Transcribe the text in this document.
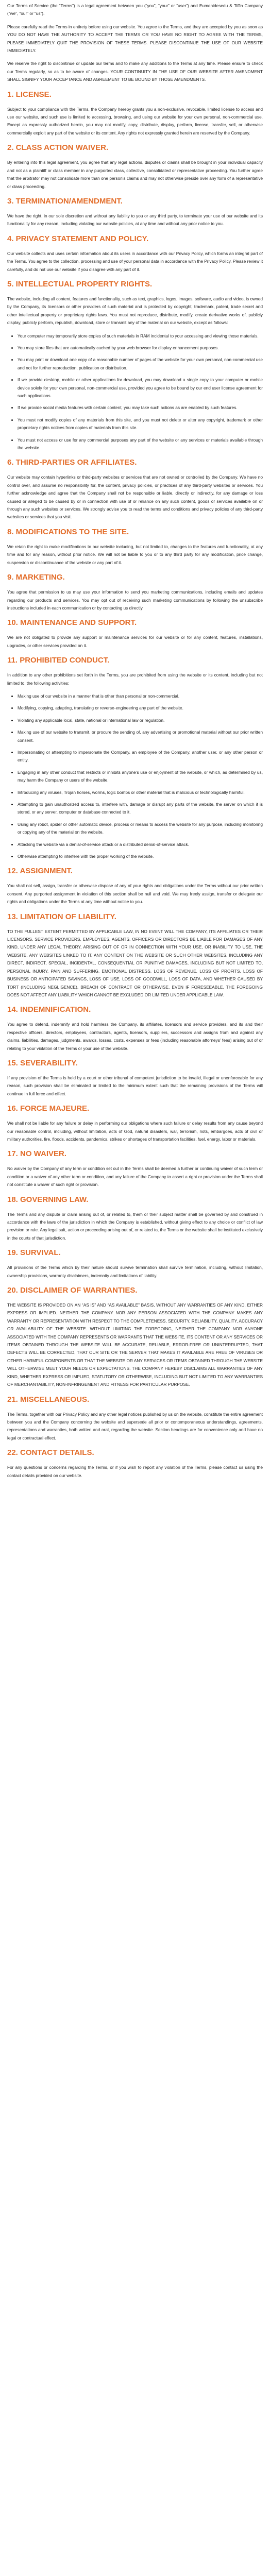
Our Terms of Service (the “Terms”) is a legal agreement between you (“you”, “your” or “user”) and Eumenidesedu & Tiffin Company (“we”, “our” or “us”).

Please carefully read the Terms in entirety before using our website. You agree to the Terms, and they are accepted by you as soon as YOU DO NOT HAVE THE AUTHORITY TO ACCEPT THE TERMS OR YOU HAVE NO RIGHT TO AGREE WITH THE TERMS, PLEASE IMMEDIATELY QUIT THE PROVISION OF THESE TERMS. PLEASE DISCONTINUE THE USE OF OUR WEBSITE IMMEDIATELY.

We reserve the right to discontinue or update our terms and to make any additions to the Terms at any time. Please ensure to check our Terms regularly, so as to be aware of changes. YOUR CONTINUITY IN THE USE OF OUR WEBSITE AFTER AMENDMENT SHALL SIGNIFY YOUR ACCEPTANCE AND AGREEMENT TO BE BOUND BY THOSE AMENDMENTS.

1. LICENSE.

Subject to your compliance with the Terms, the Company hereby grants you a non-exclusive, revocable, limited license to access and use our website, and such use is limited to accessing, browsing, and using our website for your own personal, non-commercial use. Except as expressly authorized herein, you may not modify, copy, distribute, display, perform, license, transfer, sell, or otherwise commercially exploit any part of the website or its content. Any rights not expressly granted herein are reserved by the Company.

2. CLASS ACTION WAIVER.

By entering into this legal agreement, you agree that any legal actions, disputes or claims shall be brought in your individual capacity and not as a plaintiff or class member in any purported class, collective, consolidated or representative proceeding. You further agree that the arbitrator may not consolidate more than one person’s claims and may not otherwise preside over any form of a representative or class proceeding.

3. TERMINATION/AMENDMENT.

We have the right, in our sole discretion and without any liability to you or any third party, to terminate your use of our website and its functionality for any reason, including violating our website policies, at any time and without any prior notice to you.

4. PRIVACY STATEMENT AND POLICY.

Our website collects and uses certain information about its users in accordance with our Privacy Policy, which forms an integral part of the Terms. You agree to the collection, processing and use of your personal data in accordance with the Privacy Policy. Please review it carefully, and do not use our website if you disagree with any part of it.

5. INTELLECTUAL PROPERTY RIGHTS.

The website, including all content, features and functionality, such as text, graphics, logos, images, software, audio and video, is owned by the Company, its licensors or other providers of such material and is protected by copyright, trademark, patent, trade secret and other intellectual property or proprietary rights laws. You must not reproduce, distribute, modify, create derivative works of, publicly display, publicly perform, republish, download, store or transmit any of the material on our website, except as follows:

• Your computer may temporarily store copies of such materials in RAM incidental to your accessing and viewing those materials.
• You may store files that are automatically cached by your web browser for display enhancement purposes.
• You may print or download one copy of a reasonable number of pages of the website for your own personal, non-commercial use and not for further reproduction, publication or distribution.
• If we provide desktop, mobile or other applications for download, you may download a single copy to your computer or mobile device solely for your own personal, non-commercial use, provided you agree to be bound by our end user license agreement for such applications.
• If we provide social media features with certain content, you may take such actions as are enabled by such features.
• You must not modify copies of any materials from this site, and you must not delete or alter any copyright, trademark or other proprietary rights notices from copies of materials from this site.
• You must not access or use for any commercial purposes any part of the website or any services or materials available through the website.
6. THIRD-PARTIES OR AFFILIATES.

Our website may contain hyperlinks or third-party websites or services that are not owned or controlled by the Company. We have no control over, and assume no responsibility for, the content, privacy policies, or practices of any third-party websites or services. You further acknowledge and agree that the Company shall not be responsible or liable, directly or indirectly, for any damage or loss caused or alleged to be caused by or in connection with use of or reliance on any such content, goods or services available on or through any such websites or services. We strongly advise you to read the terms and conditions and privacy policies of any third-party websites or services that you visit.

8. MODIFICATIONS TO THE SITE.

We retain the right to make modifications to our website including, but not limited to, changes to the features and functionality, at any time and for any reason, without prior notice. We will not be liable to you or to any third party for any modification, price change, suspension or discontinuance of the website or any part of it.

9. MARKETING.

You agree that permission to us may use your information to send you marketing communications, including emails and updates regarding our products and services. You may opt out of receiving such marketing communications by following the unsubscribe instructions included in each communication or by contacting us directly.

10. MAINTENANCE AND SUPPORT.

We are not obligated to provide any support or maintenance services for our website or for any content, features, installations, upgrades, or other services provided on it.

11. PROHIBITED CONDUCT.

In addition to any other prohibitions set forth in the Terms, you are prohibited from using the website or its content, including but not limited to, the following activities:

• Making use of our website in a manner that is other than personal or non-commercial.
• Modifying, copying, adapting, translating or reverse-engineering any part of the website.
• Violating any applicable local, state, national or international law or regulation.
• Making use of our website to transmit, or procure the sending of, any advertising or promotional material without our prior written consent.
• Impersonating or attempting to impersonate the Company, an employee of the Company, another user, or any other person or entity.
• Engaging in any other conduct that restricts or inhibits anyone’s use or enjoyment of the website, or which, as determined by us, may harm the Company or users of the website.
• Introducing any viruses, Trojan horses, worms, logic bombs or other material that is malicious or technologically harmful.
• Attempting to gain unauthorized access to, interfere with, damage or disrupt any parts of the website, the server on which it is stored, or any server, computer or database connected to it.
• Using any robot, spider or other automatic device, process or means to access the website for any purpose, including monitoring or copying any of the material on the website.
• Attacking the website via a denial-of-service attack or a distributed denial-of-service attack.
• Otherwise attempting to interfere with the proper working of the website.
12. ASSIGNMENT.

You shall not sell, assign, transfer or otherwise dispose of any of your rights and obligations under the Terms without our prior written consent. Any purported assignment in violation of this section shall be null and void. We may freely assign, transfer or delegate our rights and obligations under the Terms at any time without notice to you.

13. LIMITATION OF LIABILITY.

TO THE FULLEST EXTENT PERMITTED BY APPLICABLE LAW, IN NO EVENT WILL THE COMPANY, ITS AFFILIATES OR THEIR LICENSORS, SERVICE PROVIDERS, EMPLOYEES, AGENTS, OFFICERS OR DIRECTORS BE LIABLE FOR DAMAGES OF ANY KIND, UNDER ANY LEGAL THEORY, ARISING OUT OF OR IN CONNECTION WITH YOUR USE, OR INABILITY TO USE, THE WEBSITE, ANY WEBSITES LINKED TO IT, ANY CONTENT ON THE WEBSITE OR SUCH OTHER WEBSITES, INCLUDING ANY DIRECT, INDIRECT, SPECIAL, INCIDENTAL, CONSEQUENTIAL OR PUNITIVE DAMAGES, INCLUDING BUT NOT LIMITED TO, PERSONAL INJURY, PAIN AND SUFFERING, EMOTIONAL DISTRESS, LOSS OF REVENUE, LOSS OF PROFITS, LOSS OF BUSINESS OR ANTICIPATED SAVINGS, LOSS OF USE, LOSS OF GOODWILL, LOSS OF DATA, AND WHETHER CAUSED BY TORT (INCLUDING NEGLIGENCE), BREACH OF CONTRACT OR OTHERWISE, EVEN IF FORESEEABLE. THE FOREGOING DOES NOT AFFECT ANY LIABILITY WHICH CANNOT BE EXCLUDED OR LIMITED UNDER APPLICABLE LAW.

14. INDEMNIFICATION.

You agree to defend, indemnify and hold harmless the Company, its affiliates, licensors and service providers, and its and their respective officers, directors, employees, contractors, agents, licensors, suppliers, successors and assigns from and against any claims, liabilities, damages, judgments, awards, losses, costs, expenses or fees (including reasonable attorneys’ fees) arising out of or relating to your violation of the Terms or your use of the website.

15. SEVERABILITY.

If any provision of the Terms is held by a court or other tribunal of competent jurisdiction to be invalid, illegal or unenforceable for any reason, such provision shall be eliminated or limited to the minimum extent such that the remaining provisions of the Terms will continue in full force and effect.

16. FORCE MAJEURE.

We shall not be liable for any failure or delay in performing our obligations where such failure or delay results from any cause beyond our reasonable control, including, without limitation, acts of God, natural disasters, war, terrorism, riots, embargoes, acts of civil or military authorities, fire, floods, accidents, pandemics, strikes or shortages of transportation facilities, fuel, energy, labor or materials.

17. NO WAIVER.

No waiver by the Company of any term or condition set out in the Terms shall be deemed a further or continuing waiver of such term or condition or a waiver of any other term or condition, and any failure of the Company to assert a right or provision under the Terms shall not constitute a waiver of such right or provision.

18. GOVERNING LAW.

The Terms and any dispute or claim arising out of, or related to, them or their subject matter shall be governed by and construed in accordance with the laws of the jurisdiction in which the Company is established, without giving effect to any choice or conflict of law provision or rule. Any legal suit, action or proceeding arising out of, or related to, the Terms or the website shall be instituted exclusively in the courts of that jurisdiction.

19. SURVIVAL.

All provisions of the Terms which by their nature should survive termination shall survive termination, including, without limitation, ownership provisions, warranty disclaimers, indemnity and limitations of liability.

20. DISCLAIMER OF WARRANTIES.

THE WEBSITE IS PROVIDED ON AN “AS IS” AND “AS AVAILABLE” BASIS, WITHOUT ANY WARRANTIES OF ANY KIND, EITHER EXPRESS OR IMPLIED. NEITHER THE COMPANY NOR ANY PERSON ASSOCIATED WITH THE COMPANY MAKES ANY WARRANTY OR REPRESENTATION WITH RESPECT TO THE COMPLETENESS, SECURITY, RELIABILITY, QUALITY, ACCURACY OR AVAILABILITY OF THE WEBSITE. WITHOUT LIMITING THE FOREGOING, NEITHER THE COMPANY NOR ANYONE ASSOCIATED WITH THE COMPANY REPRESENTS OR WARRANTS THAT THE WEBSITE, ITS CONTENT OR ANY SERVICES OR ITEMS OBTAINED THROUGH THE WEBSITE WILL BE ACCURATE, RELIABLE, ERROR-FREE OR UNINTERRUPTED, THAT DEFECTS WILL BE CORRECTED, THAT OUR SITE OR THE SERVER THAT MAKES IT AVAILABLE ARE FREE OF VIRUSES OR OTHER HARMFUL COMPONENTS OR THAT THE WEBSITE OR ANY SERVICES OR ITEMS OBTAINED THROUGH THE WEBSITE WILL OTHERWISE MEET YOUR NEEDS OR EXPECTATIONS. THE COMPANY HEREBY DISCLAIMS ALL WARRANTIES OF ANY KIND, WHETHER EXPRESS OR IMPLIED, STATUTORY OR OTHERWISE, INCLUDING BUT NOT LIMITED TO ANY WARRANTIES OF MERCHANTABILITY, NON-INFRINGEMENT AND FITNESS FOR PARTICULAR PURPOSE.

21. MISCELLANEOUS.

The Terms, together with our Privacy Policy and any other legal notices published by us on the website, constitute the entire agreement between you and the Company concerning the website and supersede all prior or contemporaneous understandings, agreements, representations and warranties, both written and oral, regarding the website. Section headings are for convenience only and have no legal or contractual effect.

22. CONTACT DETAILS.

For any questions or concerns regarding the Terms, or if you wish to report any violation of the Terms, please contact us using the contact details provided on our website.
